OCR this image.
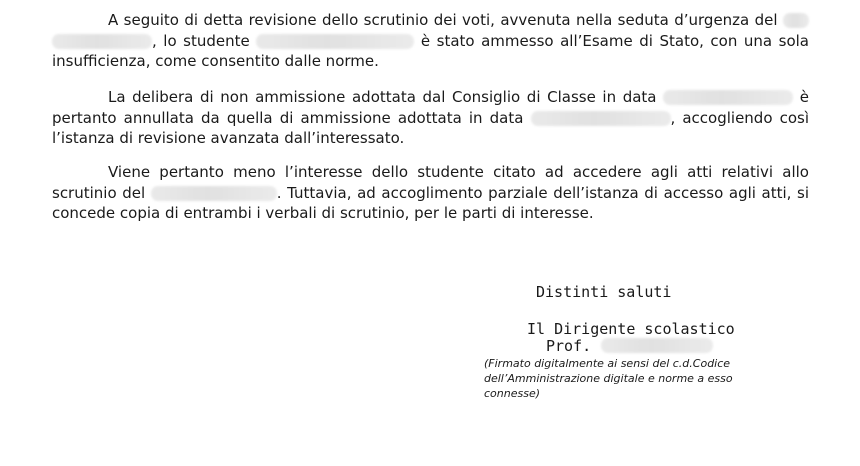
A seguito di detta revisione dello scrutinio dei voti, avvenuta nella seduta d’urgenza del  , lo studente	è stato ammesso all’Esame di Stato, con una sola insufficienza, come consentito dalle norme.

La delibera di non ammissione adottata dal Consiglio di Classe in data	è pertanto annullata da quella di ammissione adottata in data	, accogliendo così l’istanza di revisione avanzata dall’interessato.

Viene pertanto meno l’interesse dello studente citato ad accedere agli atti relativi allo scrutinio del	. Tuttavia, ad accoglimento parziale dell’istanza di accesso agli atti, si concede copia di entrambi i verbali di scrutinio, per le parti di interesse.

Distinti saluti
Il Dirigente scolastico
Prof.
(Firmato digitalmente ai sensi del c.d.Codice dell’Amministrazione digitale e norme a esso connesse)
